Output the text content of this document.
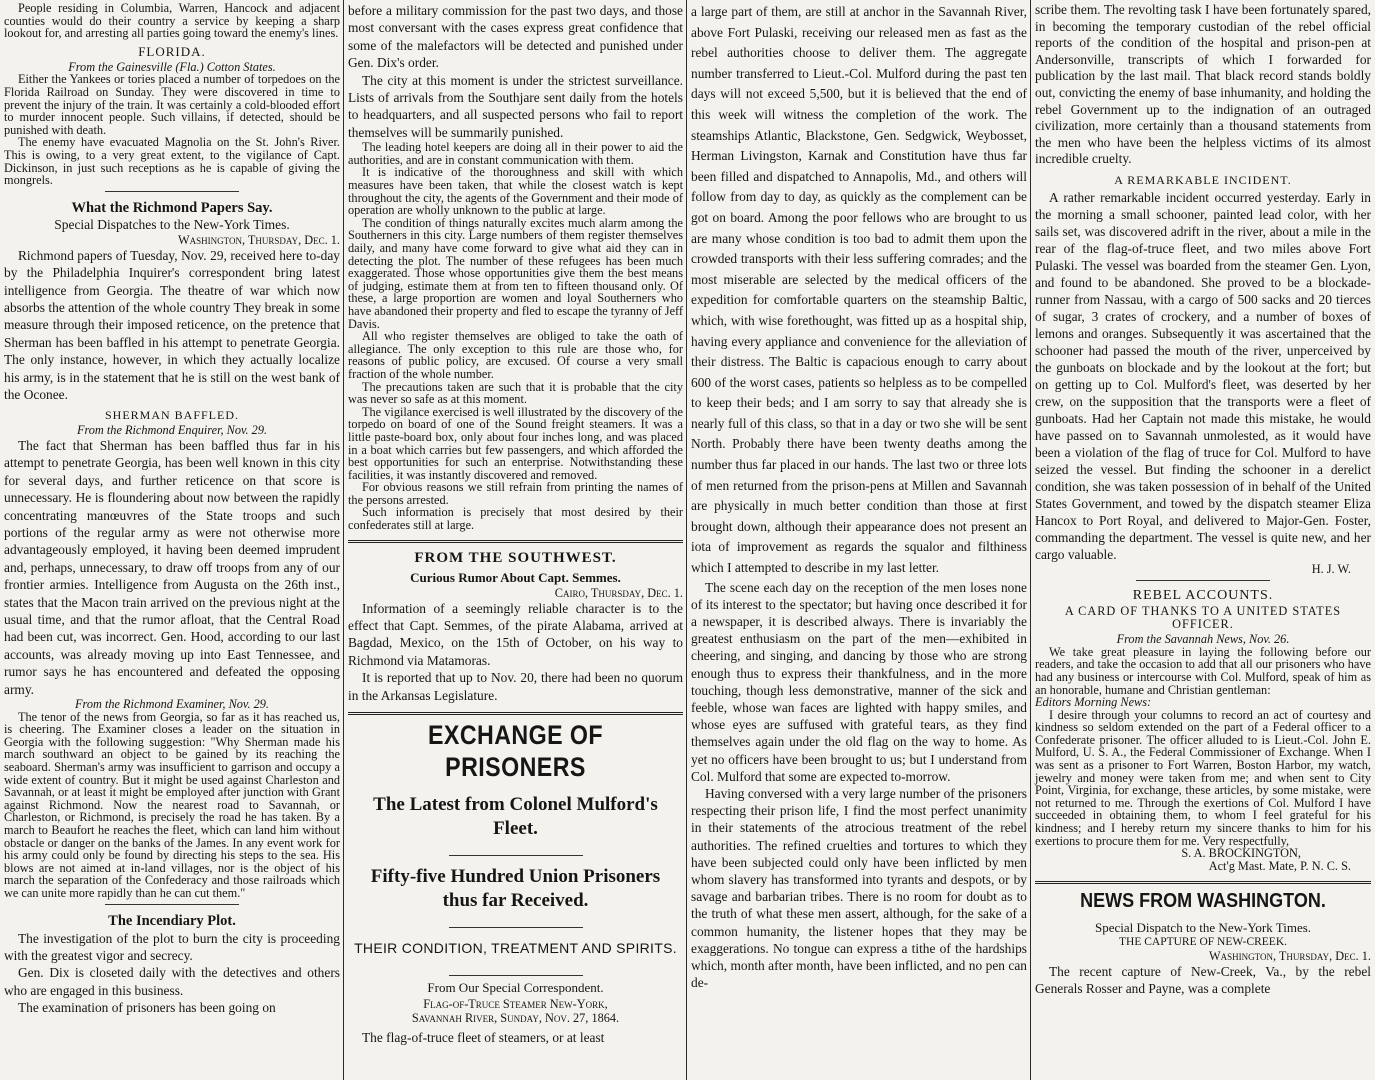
People residing in Columbia, Warren, Hancock and adjacent counties would do their country a service by keeping a sharp lookout for, and arresting all parties going toward the enemy's lines.

FLORIDA.

From the Gainesville (Fla.) Cotton States.

Either the Yankees or tories placed a number of torpedoes on the Florida Railroad on Sunday. They were discovered in time to prevent the injury of the train. It was certainly a cold-blooded effort to murder innocent people. Such villains, if detected, should be punished with death.

The enemy have evacuated Magnolia on the St. John's River. This is owing, to a very great extent, to the vigilance of Capt. Dickinson, in just such receptions as he is capable of giving the mongrels.

What the Richmond Papers Say.

Special Dispatches to the New-York Times.

Washington, Thursday, Dec. 1.

Richmond papers of Tuesday, Nov. 29, received here to-day by the Philadelphia Inquirer's correspondent bring latest intelligence from Georgia. The theatre of war which now absorbs the attention of the whole country They break in some measure through their imposed reticence, on the pretence that Sherman has been baffled in his attempt to penetrate Georgia. The only instance, however, in which they actually localize his army, is in the statement that he is still on the west bank of the Oconee.

SHERMAN BAFFLED.

From the Richmond Enquirer, Nov. 29.

The fact that Sherman has been baffled thus far in his attempt to penetrate Georgia, has been well known in this city for several days, and further reticence on that score is unnecessary. He is floundering about now between the rapidly concentrating manœuvres of the State troops and such portions of the regular army as were not otherwise more advantageously employed, it having been deemed imprudent and, perhaps, unnecessary, to draw off troops from any of our frontier armies. Intelligence from Augusta on the 26th inst., states that the Macon train arrived on the previous night at the usual time, and that the rumor afloat, that the Central Road had been cut, was incorrect. Gen. Hood, according to our last accounts, was already moving up into East Tennessee, and rumor says he has encountered and defeated the opposing army.

From the Richmond Examiner, Nov. 29.

The tenor of the news from Georgia, so far as it has reached us, is cheering. The Examiner closes a leader on the situation in Georgia with the following suggestion: "Why Sherman made his march southward an object to be gained by its reaching the seaboard. Sherman's army was insufficient to garrison and occupy a wide extent of country. But it might be used against Charleston and Savannah, or at least it might be employed after junction with Grant against Richmond. Now the nearest road to Savannah, or Charleston, or Richmond, is precisely the road he has taken. By a march to Beaufort he reaches the fleet, which can land him without obstacle or danger on the banks of the James. In any event work for his army could only be found by directing his steps to the sea. His blows are not aimed at in-land villages, nor is the object of his march the separation of the Confederacy and those railroads which we can unite more rapidly than he can cut them."

The Incendiary Plot.

The investigation of the plot to burn the city is proceeding with the greatest vigor and secrecy.

Gen. Dix is closeted daily with the detectives and others who are engaged in this business.

The examination of prisoners has been going on

before a military commission for the past two days, and those most conversant with the cases express great confidence that some of the malefactors will be detected and punished under Gen. Dix's order.

The city at this moment is under the strictest surveillance. Lists of arrivals from the Southjare sent daily from the hotels to headquarters, and all suspected persons who fail to report themselves will be summarily punished.

The leading hotel keepers are doing all in their power to aid the authorities, and are in constant communication with them.

It is indicative of the thoroughness and skill with which measures have been taken, that while the closest watch is kept throughout the city, the agents of the Government and their mode of operation are wholly unknown to the public at large.

The condition of things naturally excites much alarm among the Southerners in this city. Large numbers of them register themselves daily, and many have come forward to give what aid they can in detecting the plot. The number of these refugees has been much exaggerated. Those whose opportunities give them the best means of judging, estimate them at from ten to fifteen thousand only. Of these, a large proportion are women and loyal Southerners who have abandoned their property and fled to escape the tyranny of Jeff Davis.

All who register themselves are obliged to take the oath of allegiance. The only exception to this rule are those who, for reasons of public policy, are excused. Of course a very small fraction of the whole number.

The precautions taken are such that it is probable that the city was never so safe as at this moment.

The vigilance exercised is well illustrated by the discovery of the torpedo on board of one of the Sound freight steamers. It was a little paste-board box, only about four inches long, and was placed in a boat which carries but few passengers, and which afforded the best opportunities for such an enterprise. Notwithstanding these facilities, it was instantly discovered and removed.

For obvious reasons we still refrain from printing the names of the persons arrested.

Such information is precisely that most desired by their confederates still at large.

FROM THE SOUTHWEST.

Curious Rumor About Capt. Semmes.

Cairo, Thursday, Dec. 1.

Information of a seemingly reliable character is to the effect that Capt. Semmes, of the pirate Alabama, arrived at Bagdad, Mexico, on the 15th of October, on his way to Richmond via Matamoras.

It is reported that up to Nov. 20, there had been no quorum in the Arkansas Legislature.

EXCHANGE OF PRISONERS
The Latest from Colonel Mulford's Fleet.
Fifty-five Hundred Union Prisoners thus far Received.
THEIR CONDITION, TREATMENT AND SPIRITS.

From Our Special Correspondent.

Flag-of-Truce Steamer New-York,

Savannah River, Sunday, Nov. 27, 1864.

The flag-of-truce fleet of steamers, or at least

a large part of them, are still at anchor in the Savannah River, above Fort Pulaski, receiving our released men as fast as the rebel authorities choose to deliver them. The aggregate number transferred to Lieut.-Col. Mulford during the past ten days will not exceed 5,500, but it is believed that the end of this week will witness the completion of the work. The steamships Atlantic, Blackstone, Gen. Sedgwick, Weybosset, Herman Livingston, Karnak and Constitution have thus far been filled and dispatched to Annapolis, Md., and others will follow from day to day, as quickly as the complement can be got on board. Among the poor fellows who are brought to us are many whose condition is too bad to admit them upon the crowded transports with their less suffering comrades; and the most miserable are selected by the medical officers of the expedition for comfortable quarters on the steamship Baltic, which, with wise forethought, was fitted up as a hospital ship, having every appliance and convenience for the alleviation of their distress. The Baltic is capacious enough to carry about 600 of the worst cases, patients so helpless as to be compelled to keep their beds; and I am sorry to say that already she is nearly full of this class, so that in a day or two she will be sent North. Probably there have been twenty deaths among the number thus far placed in our hands. The last two or three lots of men returned from the prison-pens at Millen and Savannah are physically in much better condition than those at first brought down, although their appearance does not present an iota of improvement as regards the squalor and filthiness which I attempted to describe in my last letter.

The scene each day on the reception of the men loses none of its interest to the spectator; but having once described it for a newspaper, it is described always. There is invariably the greatest enthusiasm on the part of the men—exhibited in cheering, and singing, and dancing by those who are strong enough thus to express their thankfulness, and in the more touching, though less demonstrative, manner of the sick and feeble, whose wan faces are lighted with happy smiles, and whose eyes are suffused with grateful tears, as they find themselves again under the old flag on the way to home. As yet no officers have been brought to us; but I understand from Col. Mulford that some are expected to-morrow.

Having conversed with a very large number of the prisoners respecting their prison life, I find the most perfect unanimity in their statements of the atrocious treatment of the rebel authorities. The refined cruelties and tortures to which they have been subjected could only have been inflicted by men whom slavery has transformed into tyrants and despots, or by savage and barbarian tribes. There is no room for doubt as to the truth of what these men assert, although, for the sake of a common humanity, the listener hopes that they may be exaggerations. No tongue can express a tithe of the hardships which, month after month, have been inflicted, and no pen can de-

scribe them. The revolting task I have been fortunately spared, in becoming the temporary custodian of the rebel official reports of the condition of the hospital and prison-pen at Andersonville, transcripts of which I forwarded for publication by the last mail. That black record stands boldly out, convicting the enemy of base inhumanity, and holding the rebel Government up to the indignation of an outraged civilization, more certainly than a thousand statements from the men who have been the helpless victims of its almost incredible cruelty.

A REMARKABLE INCIDENT.

A rather remarkable incident occurred yesterday. Early in the morning a small schooner, painted lead color, with her sails set, was discovered adrift in the river, about a mile in the rear of the flag-of-truce fleet, and two miles above Fort Pulaski. The vessel was boarded from the steamer Gen. Lyon, and found to be abandoned. She proved to be a blockade-runner from Nassau, with a cargo of 500 sacks and 20 tierces of sugar, 3 crates of crockery, and a number of boxes of lemons and oranges. Subsequently it was ascertained that the schooner had passed the mouth of the river, unperceived by the gunboats on blockade and by the lookout at the fort; but on getting up to Col. Mulford's fleet, was deserted by her crew, on the supposition that the transports were a fleet of gunboats. Had her Captain not made this mistake, he would have passed on to Savannah unmolested, as it would have been a violation of the flag of truce for Col. Mulford to have seized the vessel. But finding the schooner in a derelict condition, she was taken possession of in behalf of the United States Government, and towed by the dispatch steamer Eliza Hancox to Port Royal, and delivered to Major-Gen. Foster, commanding the department. The vessel is quite new, and her cargo valuable.

H. J. W.

REBEL ACCOUNTS.

A CARD OF THANKS TO A UNITED STATES OFFICER.

From the Savannah News, Nov. 26.

We take great pleasure in laying the following before our readers, and take the occasion to add that all our prisoners who have had any business or intercourse with Col. Mulford, speak of him as an honorable, humane and Christian gentleman:

Editors Morning News:

I desire through your columns to record an act of courtesy and kindness so seldom extended on the part of a Federal officer to a Confederate prisoner. The officer alluded to is Lieut.-Col. John E. Mulford, U. S. A., the Federal Commissioner of Exchange. When I was sent as a prisoner to Fort Warren, Boston Harbor, my watch, jewelry and money were taken from me; and when sent to City Point, Virginia, for exchange, these articles, by some mistake, were not returned to me. Through the exertions of Col. Mulford I have succeeded in obtaining them, to whom I feel grateful for his kindness; and I hereby return my sincere thanks to him for his exertions to procure them for me. Very respectfully,

S. A. BROCKINGTON,

Act'g Mast. Mate, P. N. C. S.

NEWS FROM WASHINGTON.

Special Dispatch to the New-York Times.

THE CAPTURE OF NEW-CREEK.

Washington, Thursday, Dec. 1.

The recent capture of New-Creek, Va., by the rebel Generals Rosser and Payne, was a complete
